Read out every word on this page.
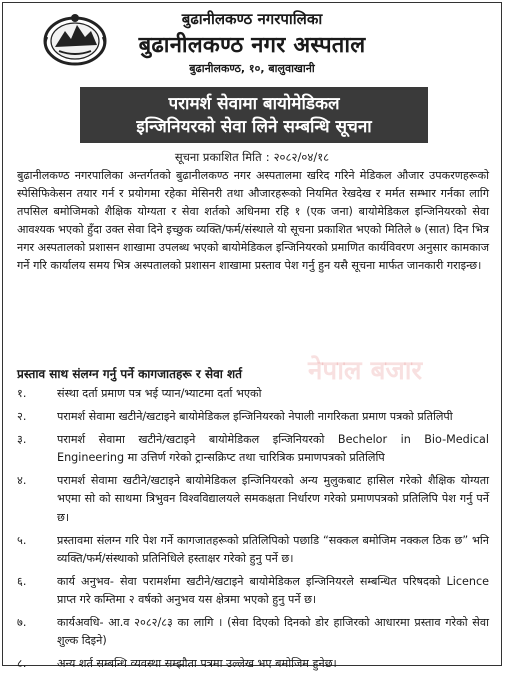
बुढानीलकण्ठ नगरपालिका
बुढानीलकण्ठ नगर अस्पताल
बुढानीलकण्ठ, १०, बालुवाखानी
परामर्श सेवामा बायोमेडिकल
इन्जिनियरको सेवा लिने सम्बन्धि सूचना
सूचना प्रकाशित मिति : २०८२/०४/१८

बुढानीलकण्ठ नगरपालिका अन्तर्गतको बुढानीलकण्ठ नगर अस्पतालमा खरिद गरिने मेडिकल औजार उपकरणहरूको स्पेसिफिकेसन तयार गर्न र प्रयोगमा रहेका मेसिनरी तथा औजारहरूको नियमित रेखदेख र मर्मत सम्भार गर्नका लागि तपसिल बमोजिमको शैक्षिक योग्यता र सेवा शर्तको अधिनमा रहि १ (एक जना) बायोमेडिकल इन्जिनियरको सेवा आवश्यक भएको हुँदा उक्त सेवा दिने इच्छुक व्यक्ति/फर्म/संस्थाले यो सूचना प्रकाशित भएको मितिले ७ (सात) दिन भित्र नगर अस्पतालको प्रशासन शाखामा उपलब्ध भएको बायोमेडिकल इन्जिनियरको प्रमाणित कार्यविवरण अनुसार कामकाज गर्ने गरि कार्यालय समय भित्र अस्पतालको प्रशासन शाखामा प्रस्ताव पेश गर्नु हुन यसै सूचना मार्फत जानकारी गराइन्छ।

नेपाल बजार

प्रस्ताव साथ संलग्न गर्नु पर्ने कागजातहरू र सेवा शर्त

१.	संस्था दर्ता प्रमाण पत्र भई प्यान/भ्याटमा दर्ता भएको
२.	परामर्श सेवामा खटीने/खटाइने बायोमेडिकल इन्जिनियरको नेपाली नागरिकता प्रमाण पत्रको प्रतिलिपी
३.	परामर्श सेवामा खटीने/खटाइने बायोमेडिकल इन्जिनियरको Bechelor in Bio-Medical Engineering मा उत्तिर्ण गरेको ट्रान्सक्रिप्ट तथा चारित्रिक प्रमाणपत्रको प्रतिलिपि
४.	परामर्श सेवामा खटीने/खटाइने बायोमेडिकल इन्जिनियरको अन्य मुलुकबाट हासिल गरेको शैक्षिक योग्यता भएमा सो को साथमा त्रिभुवन विश्वविद्यालयले समकक्षता निर्धारण गरेको प्रमाणपत्रको प्रतिलिपि पेश गर्नु पर्ने छ।
५.	प्रस्तावमा संलग्न गरि पेश गर्ने कागजातहरूको प्रतिलिपिको पछाडि “सक्कल बमोजिम नक्कल ठिक छ” भनि व्यक्ति/फर्म/संस्थाको प्रतिनिधिले हस्ताक्षर गरेको हुनु पर्ने छ।
६.	कार्य अनुभव- सेवा परामर्शमा खटीने/खटाइने बायोमेडिकल इन्जिनियरले सम्बन्धित परिषदको Licence प्राप्त गरे कम्तिमा २ वर्षको अनुभव यस क्षेत्रमा भएको हुनु पर्ने छ।
७.	कार्यअवधि- आ.व २०८२/८३ का लागि । (सेवा दिएको दिनको डोर हाजिरको आधारमा प्रस्ताव गरेको सेवा शुल्क दिइने)
८.	अन्य शर्त सम्बन्धि व्यवस्था सम्झौता पत्रमा उल्लेख भए बमोजिम हुनेछ।
